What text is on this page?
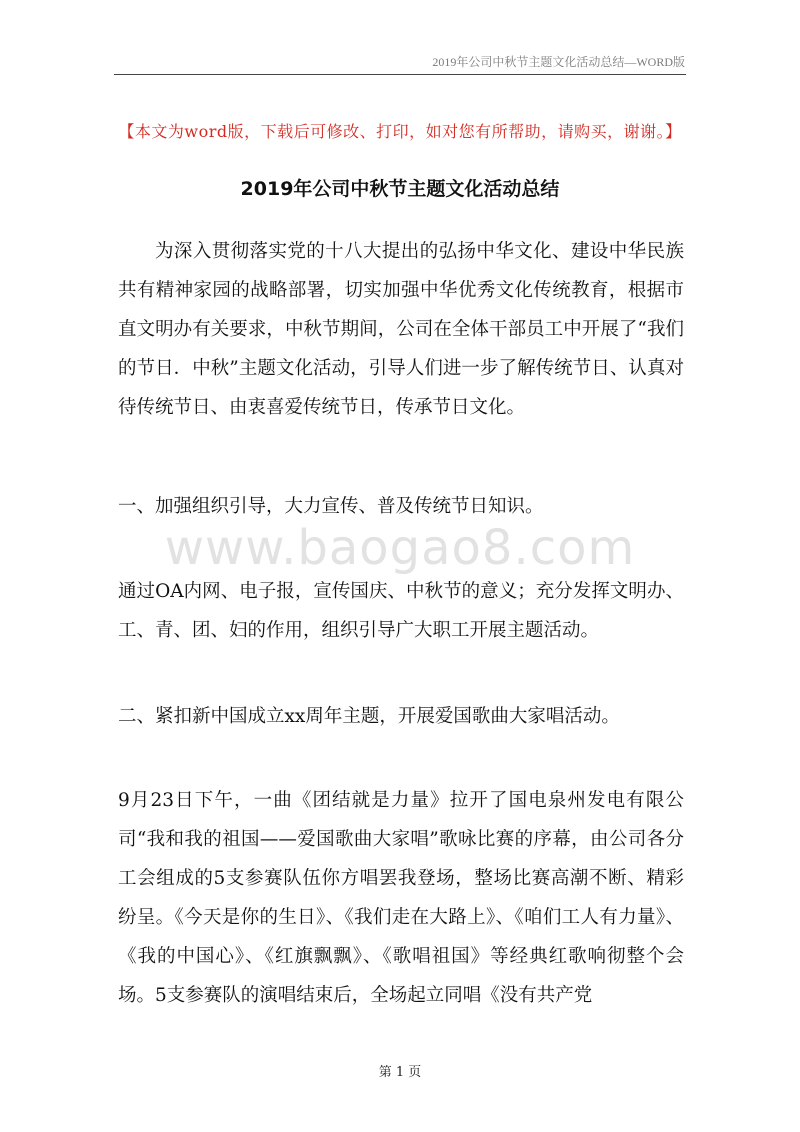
2019年公司中秋节主题文化活动总结—WORD版
【本文为word版，下载后可修改、打印，如对您有所帮助，请购买，谢谢。】
2019年公司中秋节主题文化活动总结

为深入贯彻落实党的十八大提出的弘扬中华文化、建设中华民族共有精神家园的战略部署，切实加强中华优秀文化传统教育，根据市直文明办有关要求，中秋节期间，公司在全体干部员工中开展了“我们的节日．中秋”主题文化活动，引导人们进一步了解传统节日、认真对待传统节日、由衷喜爱传统节日，传承节日文化。

一、加强组织引导，大力宣传、普及传统节日知识。

www.baogao8.com

通过OA内网、电子报，宣传国庆、中秋节的意义；充分发挥文明办、工、青、团、妇的作用，组织引导广大职工开展主题活动。

二、紧扣新中国成立xx周年主题，开展爱国歌曲大家唱活动。

9月23日下午，一曲《团结就是力量》拉开了国电泉州发电有限公司“我和我的祖国——爱国歌曲大家唱”歌咏比赛的序幕，由公司各分工会组成的5支参赛队伍你方唱罢我登场，整场比赛高潮不断、精彩纷呈。《今天是你的生日》、《我们走在大路上》、《咱们工人有力量》、《我的中国心》、《红旗飘飘》、《歌唱祖国》等经典红歌响彻整个会场。5支参赛队的演唱结束后，全场起立同唱《没有共产党

第 1 页
